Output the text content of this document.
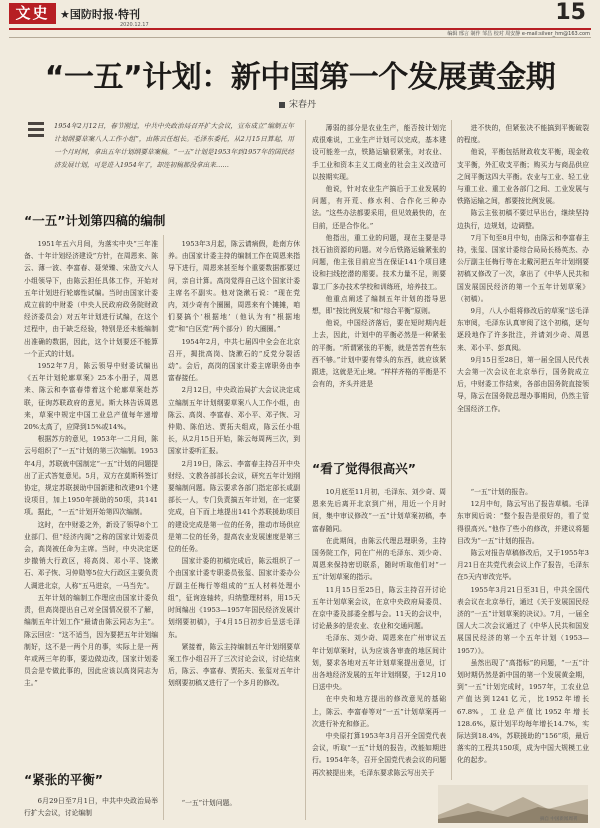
文史 ★国防时报·特刊
2020.12.17	15
编辑 邢言 制作 邹昌 校对 周安静 e-mail:silver_hm@163.com
“一五”计划：新中国第一个发展黄金期
宋春丹
1954年2月12日，春节刚过，中共中央政治局召开扩大会议，宣布成立“编制五年计划纲要草案八人工作小组”，由陈云任组长。毛泽东委托，从2月15日算起，用一个月时间，拿出五年计划纲要草案稿。“一五”计划是1953年到1957年的国民经济发展计划，可是进入1954年了，却连初稿都没拿出来……
“一五”计划第四稿的编制

1951年五六月间，为落实中央“三年准备、十年计划经济建设”方针，在周恩来、陈云、薄一波、李富春、聂荣臻、宋劭文六人小组领导下，由陈云担任具体工作，开始对五年计划进行轮廓性试编。当时由国家计委成立前的中财委（中央人民政府政务院财政经济委员会）对五年计划进行试编，在这个过程中，由于缺乏经验，特别是还未能编制出准确的数据，因此，这个计划要还不能算一个正式的计划。

1952年7月，陈云领导中财委试编出《五年计划轮廓草案》25本小册子，周恩来、陈云和李富春带着这个轮廓草案赴苏联，征询苏联政府的意见。斯大林告诉周恩来，草案中规定中国工业总产值每年递增20%太高了，应降到15%或14%。

根据苏方的意见，1953年一二月间，陈云号组织了“一五”计划的第三次编制。1953年4月，苏联就中国制定“一五”计划的问题提出了正式答复意见。5月，双方在莫斯科签订协定，规定苏联援助中国新建和改建91个建设项目，加上1950年援助的50项，共141项。据此，“一五”计划开始第四次编制。

这时，在中财委之外，新设了领导8个工业部门、但“经济内阁”之称的国家计划委员会，高岗被任命为主席。当时，中央决定逐步撤销大行政区，将高岗、邓小平、饶漱石、邓子恢、习仲勋等5位大行政区主要负责人调进北京，人称“五马进京，一马当先”。

五年计划的编制工作理应由国家计委负责，但高岗提出自己对全国情况很不了解，编制五年计划工作“最请由陈云同志为主”。陈云回应：“这不适当，因为要把五年计划编制好，这不是一两个月的事，实际上是一两年或两三年的事，要边做边改，国家计划委员会是专做此事的，因此应该以高岗同志为主。”

“紧张的平衡”

6月29日至7月1日，中共中央政治局举行扩大会议，讨论编制

1953年3月起，陈云请病假，赴南方休养。由国家计委主持的编制工作在周恩来指导下进行，周恩来甚至每个重要数据都要过问，亲自计算。高岗觉得自己这个国家计委主席名不副实。他对饶漱石说：“现在党内，刘少奇有个圈圈，周恩来有个摊摊，咱们要搞个‘根据地’（他认为有“根据地党”和“白区党”两个部分）的大圈圈。”

1954年2月，中共七届四中全会在北京召开，揭批高岗、饶漱石的“反党分裂活动”。会后，高岗的国家计委主席职务由李富春接任。

2月12日，中央政治局扩大会议决定成立编制五年计划纲要草案八人工作小组，由陈云、高岗、李富春、邓小平、邓子恢、习仲勋、陈伯达、贾拓夫组成，陈云任小组长，从2月15日开始，陈云每周两三次，到国家计委听汇报。

2月19日，陈云、李富春主持召开中央财经、文教各部部长会议，研究五年计划纲要编制问题。陈云要求各部门指定部长或副部长一人，专门负责搞五年计划，在一定要完成，自下而上地提出141个苏联援助项目的建设完成是第一位的任务，推动市场供应是第二位的任务，提高农业发展速度是第三位的任务。

国家计委的初稿完成后，陈云组织了一个由国家计委专职委员张玺、国家计委办公厅副主任梅行等组成的“五人材料处理小组”，征询连轴转，归纳整理材料，用15天时间编出《1953—1957年国民经济发展计划纲要初稿》，于4月15日初步后呈送毛泽东。

紧接着，陈云主持编制五年计划纲要草案工作小组召开了三次讨论会议，讨论结束后，陈云、李富春、贾拓夫、张玺对五年计划纲要初稿又进行了一个多月的修改。

“一五”计划问题。

薄弱的部分是农业生产，能否按计划完成很难说，工业生产计划可以完成，基本建设可能差一点，铁路运输很紧张，对农业、手工业和资本主义工商业的社会主义改造可以按期实现。

他说，针对农业生产搞后于工业发展的问题，有开荒、修水利、合作化三种办法。“这些办法都要采用，但见效最快的，在目前，还是合作化。”

他指出，重工业的问题，现在主要是寻找石油资源的问题。对今后铁路运输紧张的问题，他主张目前应当在保证141个项目建设和扫线挖潜的需要。技术力量不足，则要靠工厂多办技术学校和训练班，培养技工。

他重点阐述了编制五年计划的指导思想，即“按比例发展”和“综合平衡”原则。

他说，中国经济落后，要在短时期内赶上去，因此，计划中的平衡必然是一种紧张的平衡。“所谓紧张的平衡，就是苦苦有些东西不够。”计划中要有带头的东西，就应该紧跟进，这就是无止境。“样样齐格的平衡是不会有的，齐头并进是

“看了觉得很高兴”

10月底至11月初，毛泽东、刘少奇、周恩来先后离开北京到广州，用近一个月时间，集中审议修改“一五”计划草案初稿，李富春随同。

在此期间，由陈云代理总理职务，主持国务院工作，同在广州的毛泽东、刘少奇、周恩来保持密切联系，随时听取他们对“一五”计划草案的指示。

11月15日至25日，陈云主持召开讨论五年计划草案会议，在京中央政府局委员、在京中委及部委全都与会。11天的会议中，讨论最多的是农业、农业和交通问题。

毛泽东、刘少奇、周恩来在广州审议五年计划草案时，认为应该各审查的地区间计划，要求各地对五年计划草案提出意见，订出各地经济发展的五年计划纲要，于12月10日送中央。

在中央和地方提出的修改意见的基础上，陈云、李富春等对“一五”计划草案再一次进行补充和修正。

中央原打算1953年3月召开全国党代表会议，听取“一五”计划的报告，改能如期进行。1954年冬，召开全国党代表会议的问题再次被提出来，毛泽东要求陈云写出关于

进不快的，但紧张决不能搞到平衡破裂的程度。

他说，平衡包括财政收支平衡，现金收支平衡，外汇收支平衡；购买力与商品供应之间平衡这四大平衡。农业与工业、轻工业与重工业、重工业各部门之间、工业发展与铁路运输之间，都要按比例发展。

陈云主张初稿不要过早出台，继续坚持边执行，边规划，边调整。

7月下旬至8月中旬，由陈云和李富春主持，张玺、国家计委综合局局长杨英杰、办公厅副主任梅行等在北戴河把五年计划纲要初稿又修改了一次，拿出了《中华人民共和国发展国民经济的第一个五年计划草案》（初稿）。

9月，八人小组将修改后的草案“送毛泽东审阅，毛泽东认真审阅了这个初稿，逐句逐段地作了许多批注，并请刘少奇、周恩来、邓小平、彭真阅。

9月15日至28日，第一届全国人民代表大会第一次会议在北京举行，国务院成立后，中财委工作结束，各部由国务院直接领导，陈云在国务院总理办事期间，仍然主管全国经济工作。

“一五”计划的报告。

12月中旬，陈云写出了报告草稿。毛泽东审阅后说：“整个报告是很好的，看了觉得很高兴。”他作了些小的修改，并建议将题目改为“一五”计划的报告。

陈云对报告草稿修改后，又于1955年3月21日在共党代表会议上作了报告，毛泽东在5天内审改完毕。

1955年3月21日至31日，中共全国代表会议在北京举行，通过《关于发展国民经济的“一五”计划草案的决议》。7月，一届全国人大二次会议通过了《中华人民共和国发展国民经济的第一个五年计划（1953—1957）》。

虽然出现了“高指标”的问题，“一五”计划时期仍然是新中国的第一个发展黄金期，到“一五”计划完成时，1957年，工农业总产值达到1241亿元，比1952年增长67.8%，工业总产值比1952年增长128.6%，原计划平均每年增长14.7%，实际达到18.4%，苏联援助的“156”项，最后落实的工程共150项，成为中国大规模工业化的起步。

摘自 中国新闻周刊
